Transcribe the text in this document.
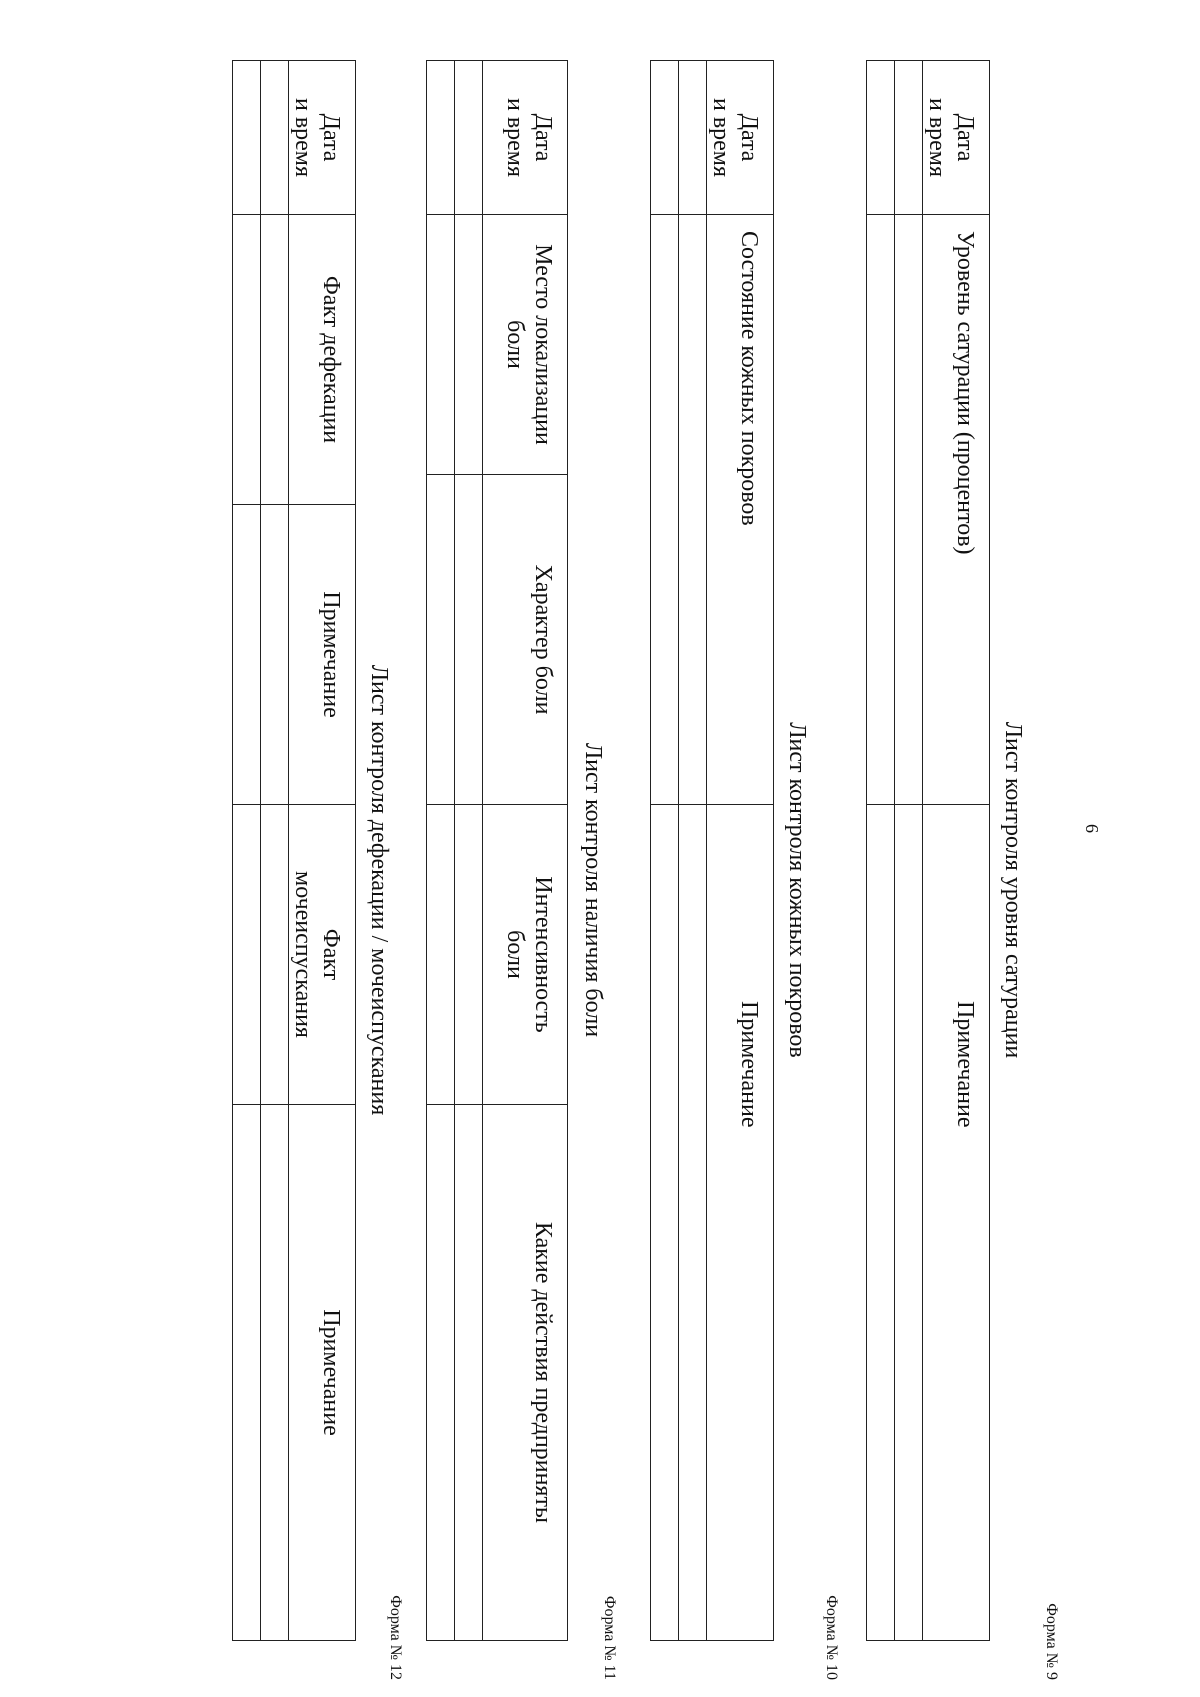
6
Форма № 9
Лист контроля уровня сатурации
Дата
и время	Уровень сатурации (процентов)	Примечание

Форма № 10
Лист контроля кожных покровов
Дата
и время	Состояние кожных покровов	Примечание

Форма № 11
Лист контроля наличия боли
Дата
и время	Место локализации
боли	Характер боли	Интенсивность
боли	Какие действия предприняты

Форма № 12
Лист контроля дефекации / мочеиспускания
Дата
и время	Факт дефекации	Примечание	Факт
мочеиспускания	Примечание
